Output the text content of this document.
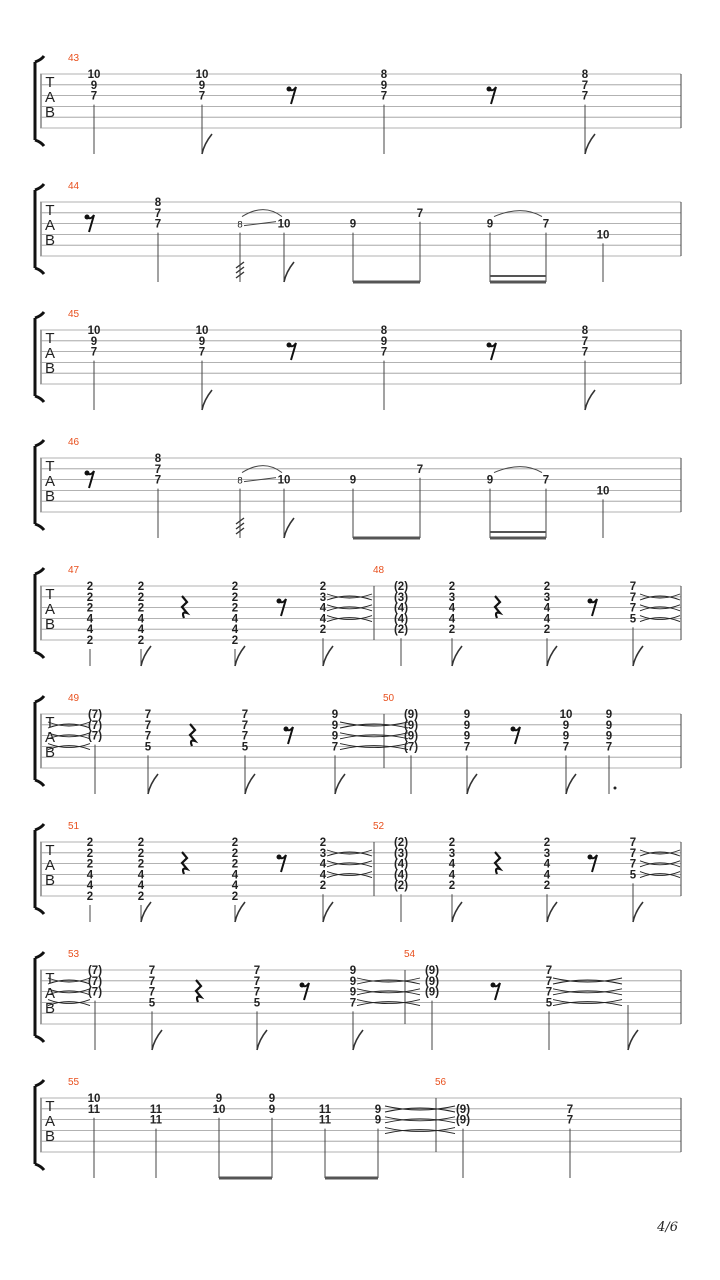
T
A
B
43
10
9
7
10
9
7
8
9
7
8
7
7
T
A
B
44
8
7
7	8	10	9
7
9	7
10
T
A
B
45
10
9
7
10
9
7
8
9
7
8
7
7
T
A
B
46
8
7
7	8	10	9
7
9	7
10
T
A
B
47
2
2
2
4
4
2
2
2
2
4
4
2
2
2
2
4
4
2
2
3
4
4
2
48
(2)
(3)
(4)
(4)
(2)
2
3
4
4
2
2
3
4
4
2
7
7
7
5
T
A
B
49
(7)
(7)
(7)
7
7
7
5
7
7
7
5
9
9
9
7
50
(9)
(9)
(9)
(7)
9
9
9
7
10
9
9
7
9
9
9
7
T
A
B
51
2
2
2
4
4
2
2
2
2
4
4
2
2
2
2
4
4
2
2
3
4
4
2
52
(2)
(3)
(4)
(4)
(2)
2
3
4
4
2
2
3
4
4
2
7
7
7
5
T
A
B
53
(7)
(7)
(7)
7
7
7
5
7
7
7
5
9
9
9
7
54
(9)
(9)
(9)
7
7
7
5
T
A
B
55
10
11	11
11
9
10
9
9	11
11
9
9
56
(9)
(9)
7
7
4/6
